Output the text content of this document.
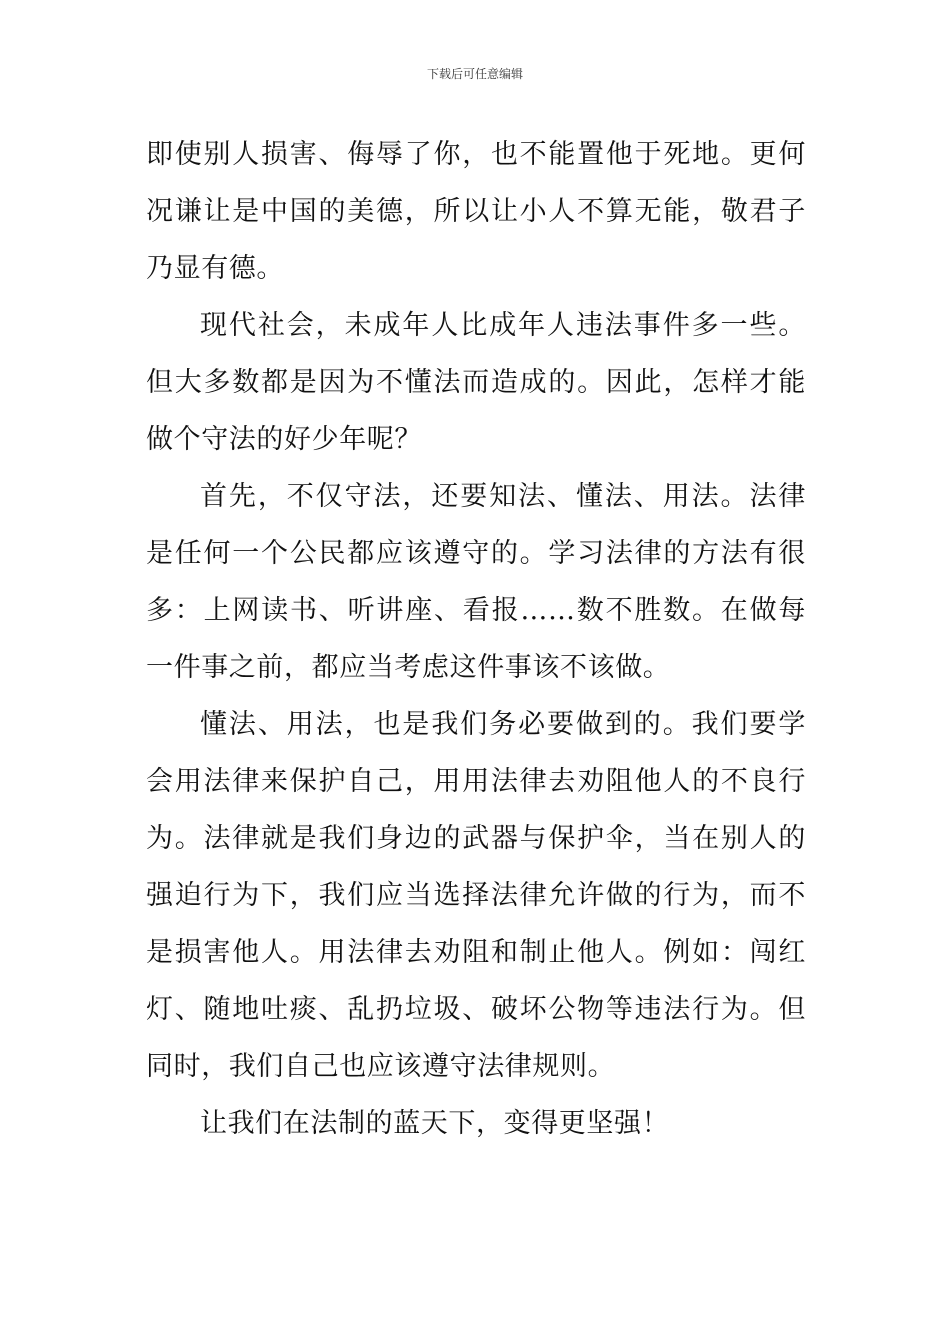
下载后可任意编辑

即使别人损害、侮辱了你，也不能置他于死地。更何况谦让是中国的美德，所以让小人不算无能，敬君子乃显有德。

现代社会，未成年人比成年人违法事件多一些。但大多数都是因为不懂法而造成的。因此，怎样才能做个守法的好少年呢？

首先，不仅守法，还要知法、懂法、用法。法律是任何一个公民都应该遵守的。学习法律的方法有很多：上网读书、听讲座、看报……数不胜数。在做每一件事之前，都应当考虑这件事该不该做。

懂法、用法，也是我们务必要做到的。我们要学会用法律来保护自己，用用法律去劝阻他人的不良行为。法律就是我们身边的武器与保护伞，当在别人的强迫行为下，我们应当选择法律允许做的行为，而不是损害他人。用法律去劝阻和制止他人。例如：闯红灯、随地吐痰、乱扔垃圾、破坏公物等违法行为。但同时，我们自己也应该遵守法律规则。

让我们在法制的蓝天下，变得更坚强！
